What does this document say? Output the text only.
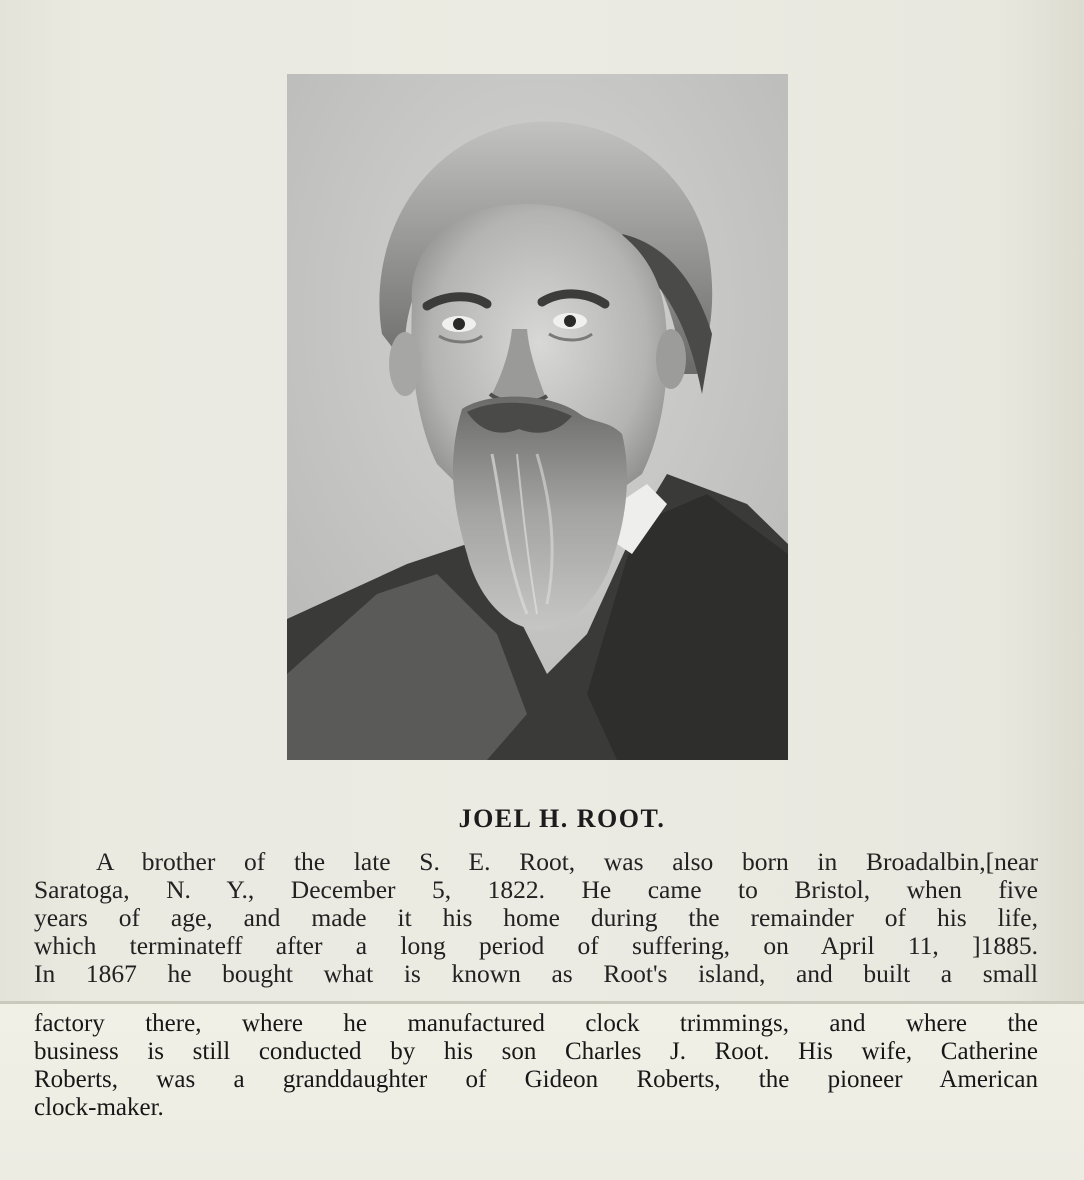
JOEL H. ROOT.
A brother of the late S. E. Root, was also born in Broadalbin,[near
Saratoga, N. Y., December 5, 1822. He came to Bristol, when five
years of age, and made it his home during the remainder of his life,
which terminateff after a long period of suffering, on April 11, ]1885.
In 1867 he bought what is known as Root's island, and built a small
factory there, where he manufactured clock trimmings, and where the
business is still conducted by his son Charles J. Root. His wife, Catherine
Roberts, was a granddaughter of Gideon Roberts, the pioneer American
clock-maker.
